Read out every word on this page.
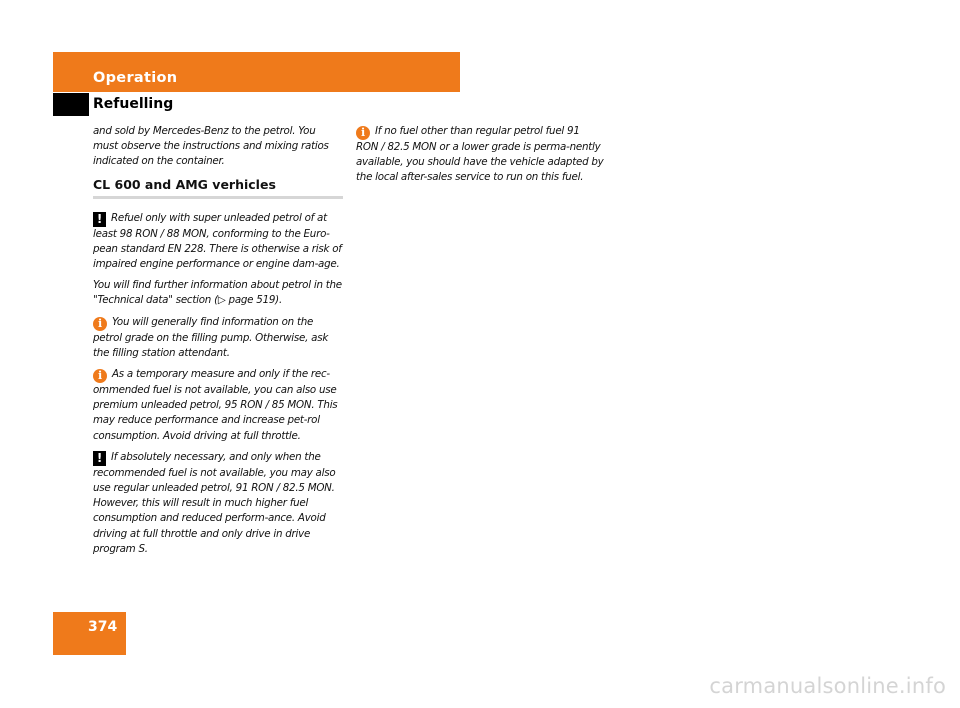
Operation
Refuelling

and sold by Mercedes-Benz to the petrol. You must observe the instructions and mixing ratios indicated on the container.

CL 600 and AMG verhicles

! Refuel only with super unleaded petrol of at least 98 RON / 88 MON, conforming to the Euro-pean standard EN 228. There is otherwise a risk of impaired engine performance or engine dam-age.

You will find further information about petrol in the "Technical data" section (▷ page 519).

i You will generally find information on the petrol grade on the filling pump. Otherwise, ask the filling station attendant.

i As a temporary measure and only if the rec-ommended fuel is not available, you can also use premium unleaded petrol, 95 RON / 85 MON. This may reduce performance and increase pet-rol consumption. Avoid driving at full throttle.

! If absolutely necessary, and only when the recommended fuel is not available, you may also use regular unleaded petrol, 91 RON / 82.5 MON. However, this will result in much higher fuel consumption and reduced perform-ance. Avoid driving at full throttle and only drive in drive program S.

i If no fuel other than regular petrol fuel 91 RON / 82.5 MON or a lower grade is perma-nently available, you should have the vehicle adapted by the local after-sales service to run on this fuel.

374
carmanualsonline.info
